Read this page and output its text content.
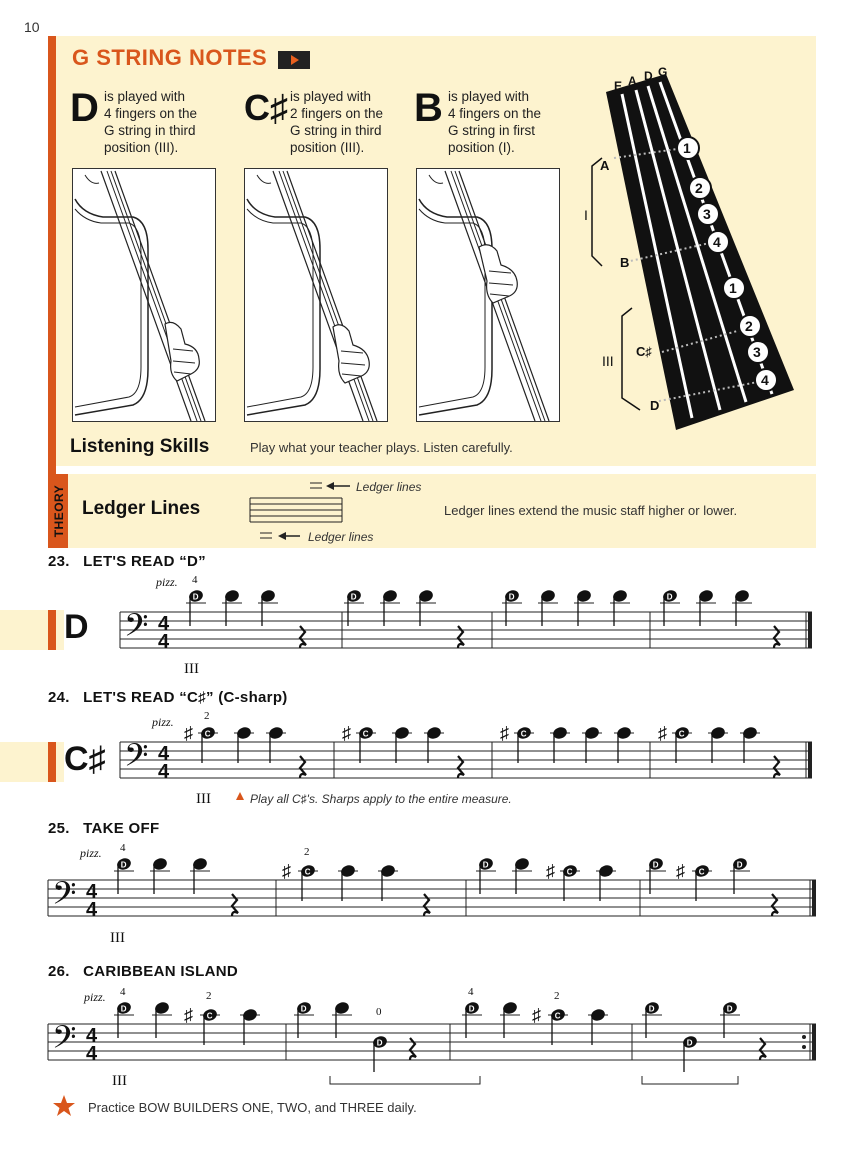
10
G STRING NOTES
D is played with
4 fingers on the
G string in third
position (III).
C♯ is played with
2 fingers on the
G string in third
position (III).
B is played with
4 fingers on the
G string in first
position (I).
E A D G
A
B
C♯
D
I
III
1
2
3
4
1
2
3
4
Listening Skills	Play what your teacher plays. Listen carefully.
THEORY Ledger Lines
Ledger lines
Ledger lines
Ledger lines extend the music staff higher or lower.
23. LET'S READ “D”
D
pizz. 4
III
24. LET'S READ “C♯” (C-sharp)
C♯
pizz.	2
III	Play all C♯'s. Sharps apply to the entire measure.
25. TAKE OFF
pizz. 4	2
III
26. CARIBBEAN ISLAND
pizz. 4	2
0
4	2
III
𝄢 4
4
D	D	D	D
𝄢 4
4
C
♯	C
♯	C
♯	C
♯
𝄢 4
4
D	♯ C
D	♯ C
D ♯ C
D
𝄢 4
4
D	♯ C
D
D
D	♯ C
D	D
D
Practice BOW BUILDERS ONE, TWO, and THREE daily.
